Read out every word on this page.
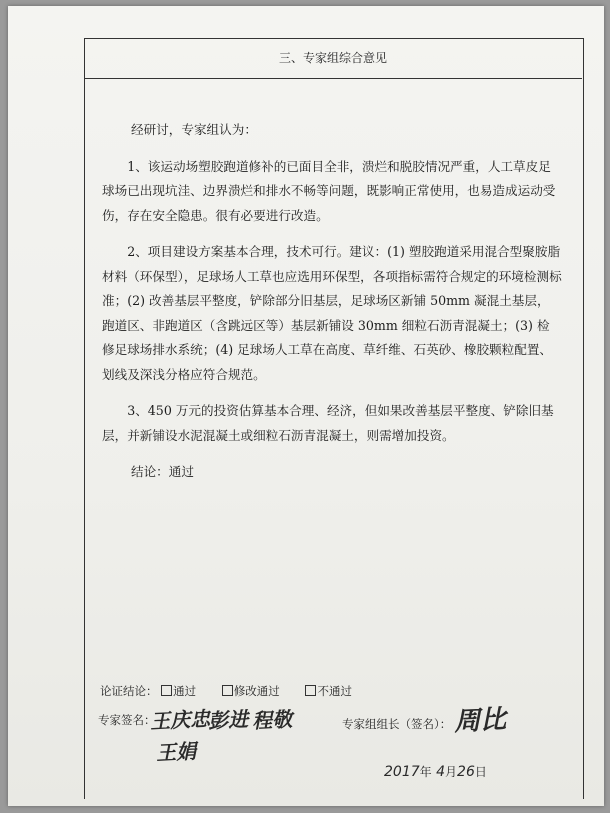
三、专家组综合意见

经研讨，专家组认为：

1、该运动场塑胶跑道修补的已面目全非，溃烂和脱胶情况严重，人工草皮足球场已出现坑洼、边界溃烂和排水不畅等问题，既影响正常使用，也易造成运动受伤，存在安全隐患。很有必要进行改造。

2、项目建设方案基本合理，技术可行。建议：(1) 塑胶跑道采用混合型聚胺脂材料（环保型），足球场人工草也应选用环保型，各项指标需符合规定的环境检测标准；(2) 改善基层平整度，铲除部分旧基层，足球场区新铺 50mm 凝混土基层，跑道区、非跑道区（含跳远区等）基层新铺设 30mm 细粒石沥青混凝土；(3) 检修足球场排水系统；(4) 足球场人工草在高度、草纤维、石英砂、橡胶颗粒配置、划线及深浅分格应符合规范。

3、450 万元的投资估算基本合理、经济，但如果改善基层平整度、铲除旧基层，并新铺设水泥混凝土或细粒石沥青混凝土，则需增加投资。

结论：通过

论证结论： 通过	修改通过	不通过
专家签名：
王庆忠
彭进 程敬
王娟
专家组组长（签名）： 周比
2017年 4月26日
